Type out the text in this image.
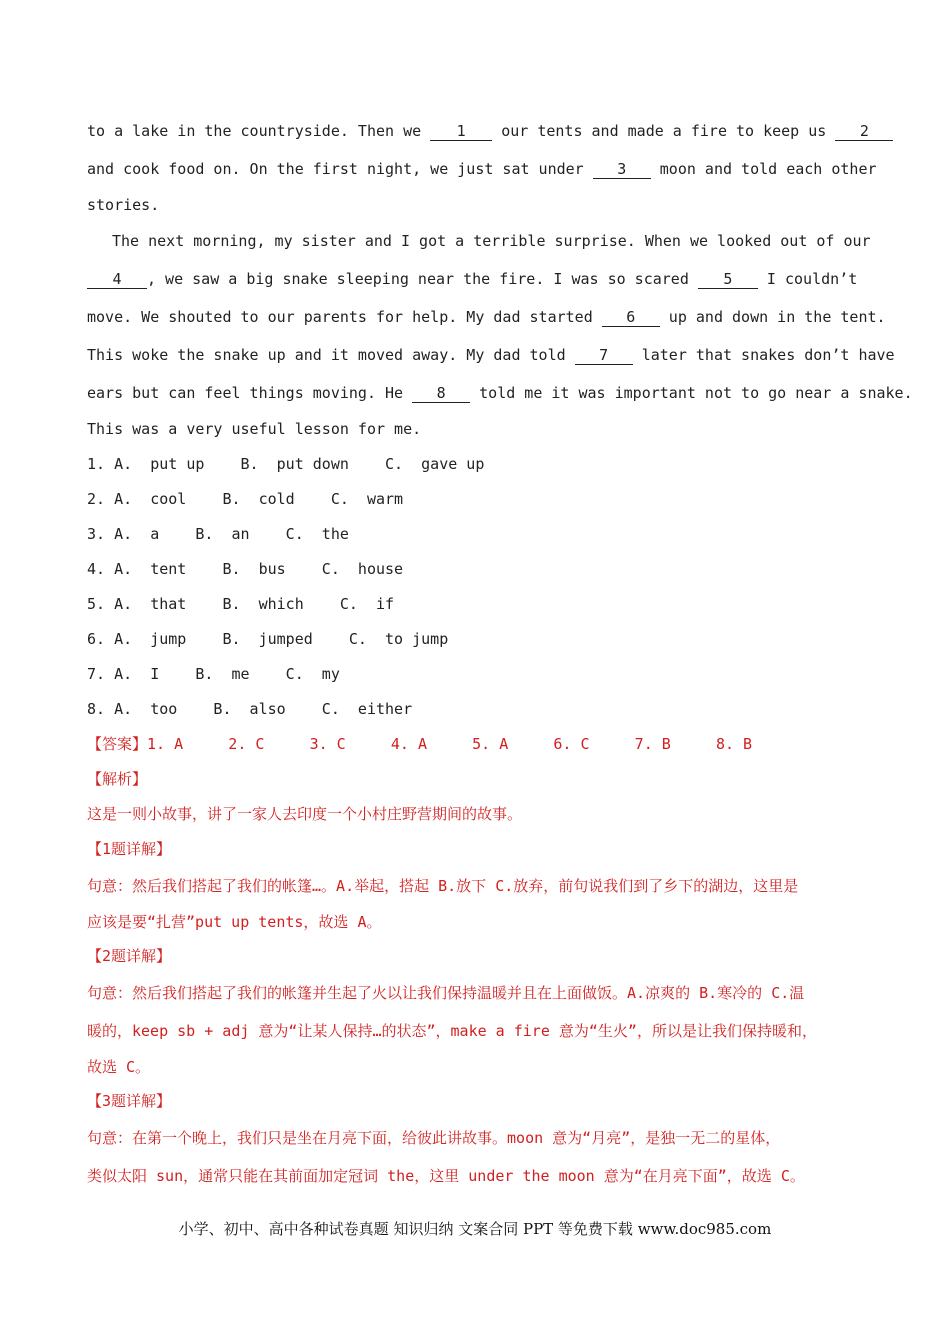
to a lake in the countryside. Then we 1 our tents and made a fire to keep us 2
and cook food on. On the first night, we just sat under 3 moon and told each other
stories.
The next morning, my sister and I got a terrible surprise. When we looked out of our
4 , we saw a big snake sleeping near the fire. I was so scared 5 I couldn’t
move. We shouted to our parents for help. My dad started 6 up and down in the tent.
This woke the snake up and it moved away. My dad told 7 later that snakes don’t have
ears but can feel things moving. He 8 told me it was important not to go near a snake.
This was a very useful lesson for me.
1. A.  put up    B.  put down    C.  gave up
2. A.  cool    B.  cold    C.  warm
3. A.  a    B.  an    C.  the
4. A.  tent    B.  bus    C.  house
5. A.  that    B.  which    C.  if
6. A.  jump    B.  jumped    C.  to jump
7. A.  I    B.  me    C.  my
8. A.  too    B.  also    C.  either
【答案】1. A     2. C     3. C     4. A     5. A     6. C     7. B     8. B
【解析】
这是一则小故事，讲了一家人去印度一个小村庄野营期间的故事。
【1题详解】
句意：然后我们搭起了我们的帐篷…。A.举起，搭起 B.放下 C.放弃，前句说我们到了乡下的湖边，这里是
应该是要“扎营”put up tents，故选 A。
【2题详解】
句意：然后我们搭起了我们的帐篷并生起了火以让我们保持温暖并且在上面做饭。A.凉爽的 B.寒冷的 C.温
暖的，keep sb + adj 意为“让某人保持…的状态”，make a fire 意为“生火”，所以是让我们保持暖和，
故选 C。
【3题详解】
句意：在第一个晚上，我们只是坐在月亮下面，给彼此讲故事。moon 意为“月亮”，是独一无二的星体，
类似太阳 sun，通常只能在其前面加定冠词 the，这里 under the moon 意为“在月亮下面”，故选 C。
小学、初中、高中各种试卷真题 知识归纳 文案合同 PPT 等免费下载 www.doc985.com
